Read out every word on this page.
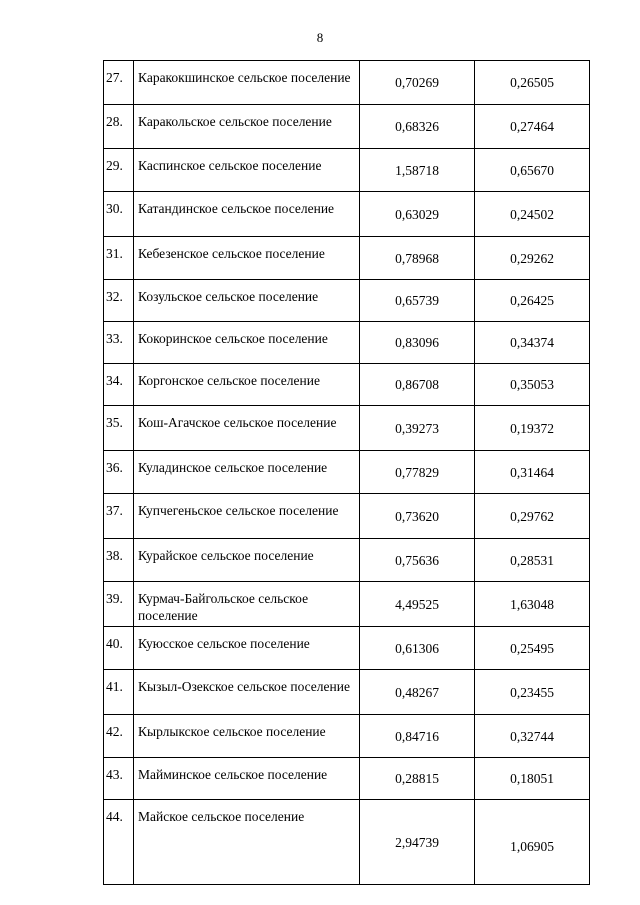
8
27.	Каракокшинское сельское поселение	0,70269	0,26505
28.	Каракольское сельское поселение	0,68326	0,27464
29.	Каспинское сельское поселение	1,58718	0,65670
30.	Катандинское сельское поселение	0,63029	0,24502
31.	Кебезенское сельское поселение	0,78968	0,29262
32.	Козульское сельское поселение	0,65739	0,26425
33.	Кокоринское сельское поселение	0,83096	0,34374
34.	Коргонское сельское поселение	0,86708	0,35053
35.	Кош-Агачское сельское поселение	0,39273	0,19372
36.	Куладинское сельское поселение	0,77829	0,31464
37.	Купчегеньское сельское поселение	0,73620	0,29762
38.	Курайское сельское поселение	0,75636	0,28531
39.	Курмач-Байгольское сельское поселение	4,49525	1,63048
40.	Куюсское сельское поселение	0,61306	0,25495
41.	Кызыл-Озекское сельское поселение	0,48267	0,23455
42.	Кырлыкское сельское поселение	0,84716	0,32744
43.	Майминское сельское поселение	0,28815	0,18051
44.	Майское сельское поселение	2,94739	1,06905
